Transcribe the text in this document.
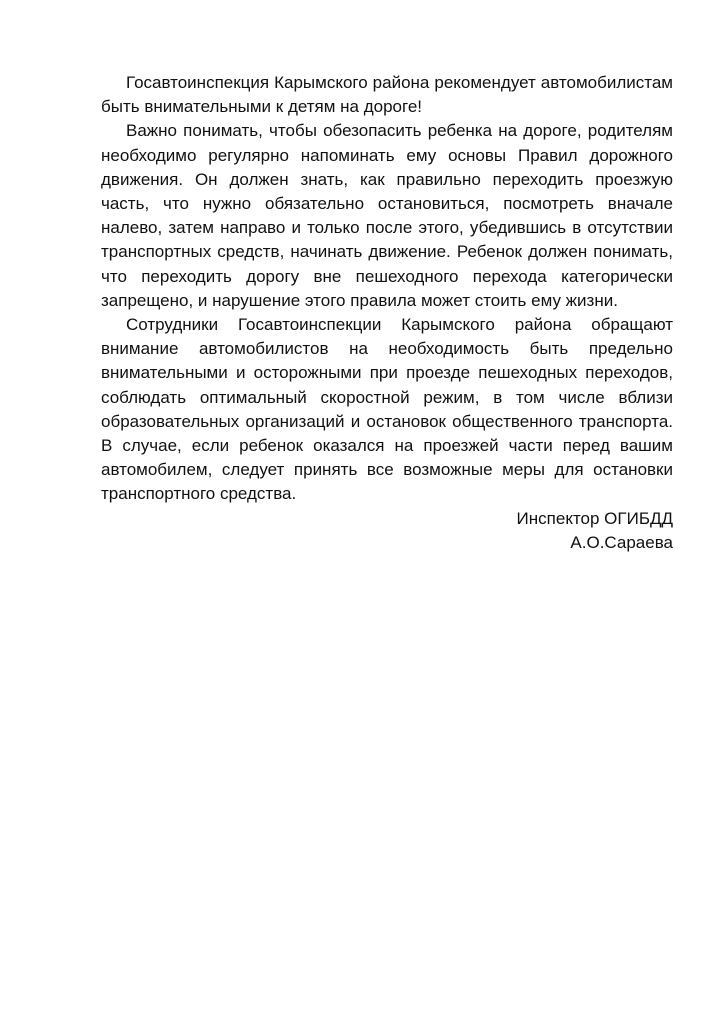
Госавтоинспекция Карымского района рекомендует автомобилистам быть внимательными к детям на дороге!

Важно понимать, чтобы обезопасить ребенка на дороге, родителям необходимо регулярно напоминать ему основы Правил дорожного движения. Он должен знать, как правильно переходить проезжую часть, что нужно обязательно остановиться, посмотреть вначале налево, затем направо и только после этого, убедившись в отсутствии транспортных средств, начинать движение. Ребенок должен понимать, что переходить дорогу вне пешеходного перехода категорически запрещено, и нарушение этого правила может стоить ему жизни.

Сотрудники Госавтоинспекции Карымского района обращают внимание автомобилистов на необходимость быть предельно внимательными и осторожными при проезде пешеходных переходов, соблюдать оптимальный скоростной режим, в том числе вблизи образовательных организаций и остановок общественного транспорта. В случае, если ребенок оказался на проезжей части перед вашим автомобилем, следует принять все возможные меры для остановки транспортного средства.

Инспектор ОГИБДД

А.О.Сараева
